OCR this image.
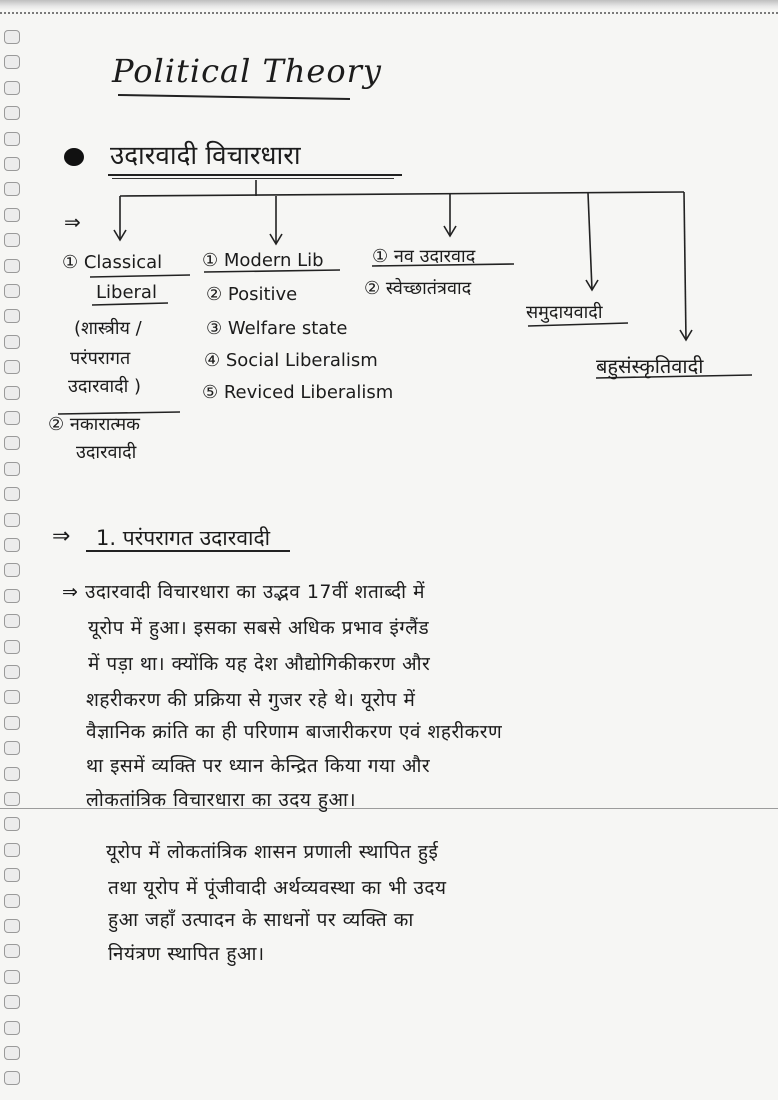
Political Theory
उदारवादी विचारधारा
⇒
① Classical
Liberal
(शास्त्रीय /
परंपरागत
उदारवादी )
② नकारात्मक
उदारवादी
① Modern Lib
② Positive
③ Welfare state
④ Social Liberalism
⑤ Reviced Liberalism
① नव उदारवाद
② स्वेच्छातंत्रवाद
समुदायवादी
बहुसंस्कृतिवादी
⇒ 1. परंपरागत उदारवादी
⇒ उदारवादी विचारधारा का उद्भव 17वीं शताब्दी में
यूरोप में हुआ। इसका सबसे अधिक प्रभाव इंग्लैंड
में पड़ा था। क्योंकि यह देश औद्योगिकीकरण और
शहरीकरण की प्रक्रिया से गुजर रहे थे। यूरोप में
वैज्ञानिक क्रांति का ही परिणाम बाजारीकरण एवं शहरीकरण
था इसमें व्यक्ति पर ध्यान केन्द्रित किया गया और
लोकतांत्रिक विचारधारा का उदय हुआ।
यूरोप में लोकतांत्रिक शासन प्रणाली स्थापित हुई
तथा यूरोप में पूंजीवादी अर्थव्यवस्था का भी उदय
हुआ जहाँ उत्पादन के साधनों पर व्यक्ति का
नियंत्रण स्थापित हुआ।
